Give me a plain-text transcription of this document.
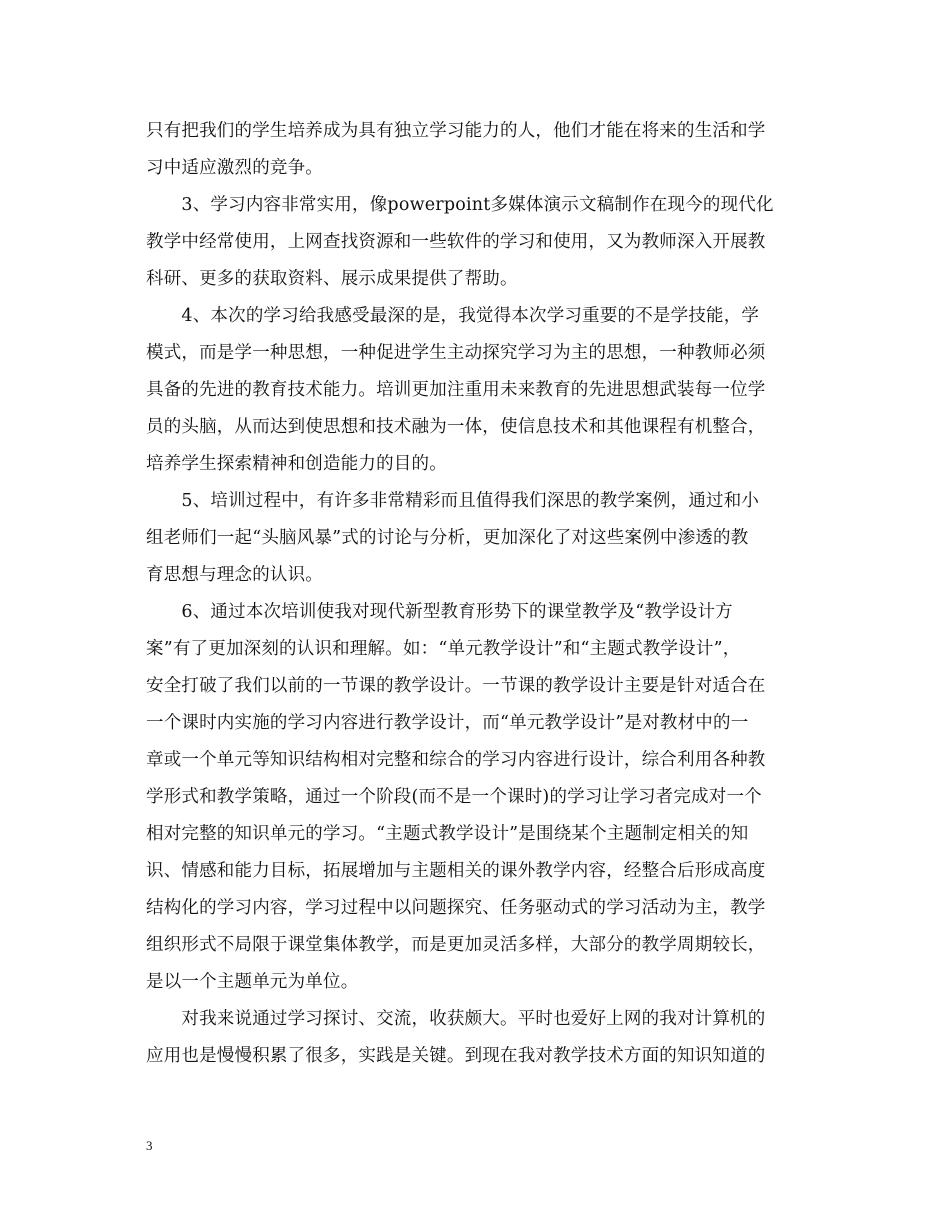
只有把我们的学生培养成为具有独立学习能力的人，他们才能在将来的生活和学
习中适应激烈的竞争。
　　3、学习内容非常实用，像powerpoint多媒体演示文稿制作在现今的现代化
教学中经常使用，上网查找资源和一些软件的学习和使用，又为教师深入开展教
科研、更多的获取资料、展示成果提供了帮助。
　　4、本次的学习给我感受最深的是，我觉得本次学习重要的不是学技能，学
模式，而是学一种思想，一种促进学生主动探究学习为主的思想，一种教师必须
具备的先进的教育技术能力。培训更加注重用未来教育的先进思想武装每一位学
员的头脑，从而达到使思想和技术融为一体，使信息技术和其他课程有机整合，
培养学生探索精神和创造能力的目的。
　　5、培训过程中，有许多非常精彩而且值得我们深思的教学案例，通过和小
组老师们一起“头脑风暴”式的讨论与分析，更加深化了对这些案例中渗透的教
育思想与理念的认识。
　　6、通过本次培训使我对现代新型教育形势下的课堂教学及“教学设计方
案”有了更加深刻的认识和理解。如：“单元教学设计”和“主题式教学设计”，
安全打破了我们以前的一节课的教学设计。一节课的教学设计主要是针对适合在
一个课时内实施的学习内容进行教学设计，而“单元教学设计”是对教材中的一
章或一个单元等知识结构相对完整和综合的学习内容进行设计，综合利用各种教
学形式和教学策略，通过一个阶段(而不是一个课时)的学习让学习者完成对一个
相对完整的知识单元的学习。“主题式教学设计”是围绕某个主题制定相关的知
识、情感和能力目标，拓展增加与主题相关的课外教学内容，经整合后形成高度
结构化的学习内容，学习过程中以问题探究、任务驱动式的学习活动为主，教学
组织形式不局限于课堂集体教学，而是更加灵活多样，大部分的教学周期较长，
是以一个主题单元为单位。
　　对我来说通过学习探讨、交流，收获颇大。平时也爱好上网的我对计算机的
应用也是慢慢积累了很多，实践是关键。到现在我对教学技术方面的知识知道的
3
